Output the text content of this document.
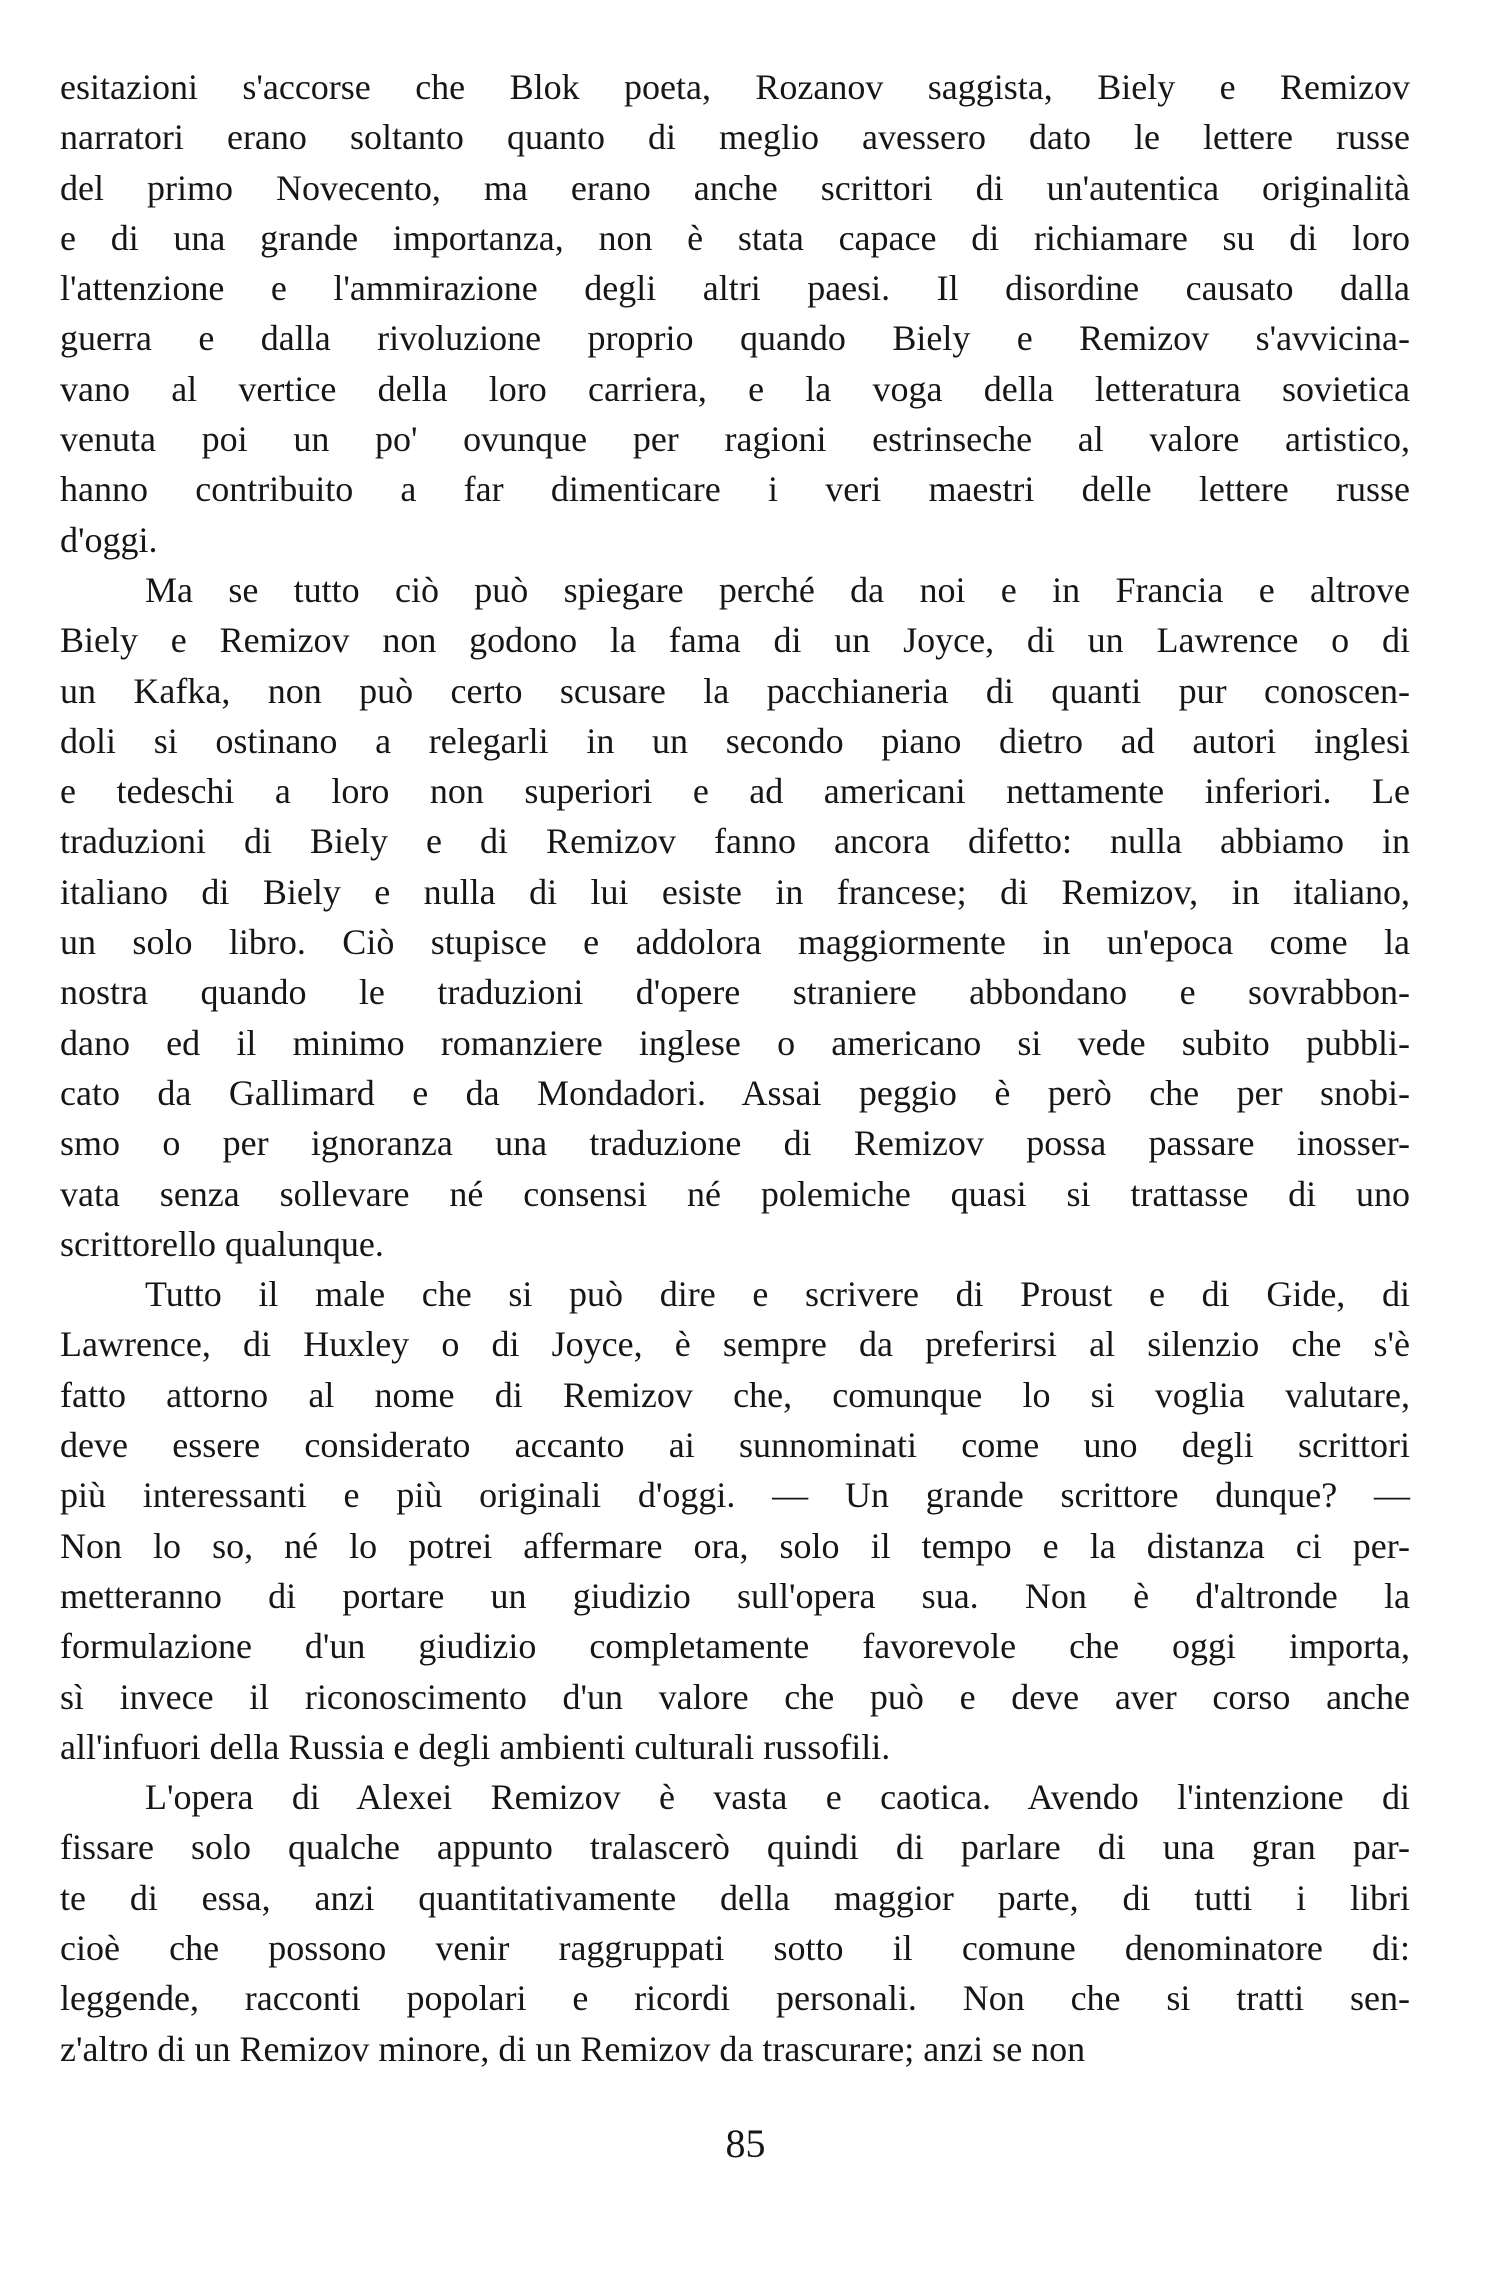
esitazioni s'accorse che Blok poeta, Rozanov saggista, Biely e Remizov
narratori erano soltanto quanto di meglio avessero dato le lettere russe
del primo Novecento, ma erano anche scrittori di un'autentica originalità
e di una grande importanza, non è stata capace di richiamare su di loro
l'attenzione e l'ammirazione degli altri paesi. Il disordine causato dalla
guerra e dalla rivoluzione proprio quando Biely e Remizov s'avvicina-
vano al vertice della loro carriera, e la voga della letteratura sovietica
venuta poi un po' ovunque per ragioni estrinseche al valore artistico,
hanno contribuito a far dimenticare i veri maestri delle lettere russe
d'oggi.
Ma se tutto ciò può spiegare perché da noi e in Francia e altrove
Biely e Remizov non godono la fama di un Joyce, di un Lawrence o di
un Kafka, non può certo scusare la pacchianeria di quanti pur conoscen-
doli si ostinano a relegarli in un secondo piano dietro ad autori inglesi
e tedeschi a loro non superiori e ad americani nettamente inferiori. Le
traduzioni di Biely e di Remizov fanno ancora difetto: nulla abbiamo in
italiano di Biely e nulla di lui esiste in francese; di Remizov, in italiano,
un solo libro. Ciò stupisce e addolora maggiormente in un'epoca come la
nostra quando le traduzioni d'opere straniere abbondano e sovrabbon-
dano ed il minimo romanziere inglese o americano si vede subito pubbli-
cato da Gallimard e da Mondadori. Assai peggio è però che per snobi-
smo o per ignoranza una traduzione di Remizov possa passare inosser-
vata senza sollevare né consensi né polemiche quasi si trattasse di uno
scrittorello qualunque.
Tutto il male che si può dire e scrivere di Proust e di Gide, di
Lawrence, di Huxley o di Joyce, è sempre da preferirsi al silenzio che s'è
fatto attorno al nome di Remizov che, comunque lo si voglia valutare,
deve essere considerato accanto ai sunnominati come uno degli scrittori
più interessanti e più originali d'oggi. — Un grande scrittore dunque? —
Non lo so, né lo potrei affermare ora, solo il tempo e la distanza ci per-
metteranno di portare un giudizio sull'opera sua. Non è d'altronde la
formulazione d'un giudizio completamente favorevole che oggi importa,
sì invece il riconoscimento d'un valore che può e deve aver corso anche
all'infuori della Russia e degli ambienti culturali russofili.
L'opera di Alexei Remizov è vasta e caotica. Avendo l'intenzione di
fissare solo qualche appunto tralascerò quindi di parlare di una gran par-
te di essa, anzi quantitativamente della maggior parte, di tutti i libri
cioè che possono venir raggruppati sotto il comune denominatore di:
leggende, racconti popolari e ricordi personali. Non che si tratti sen-
z'altro di un Remizov minore, di un Remizov da trascurare; anzi se non
85
